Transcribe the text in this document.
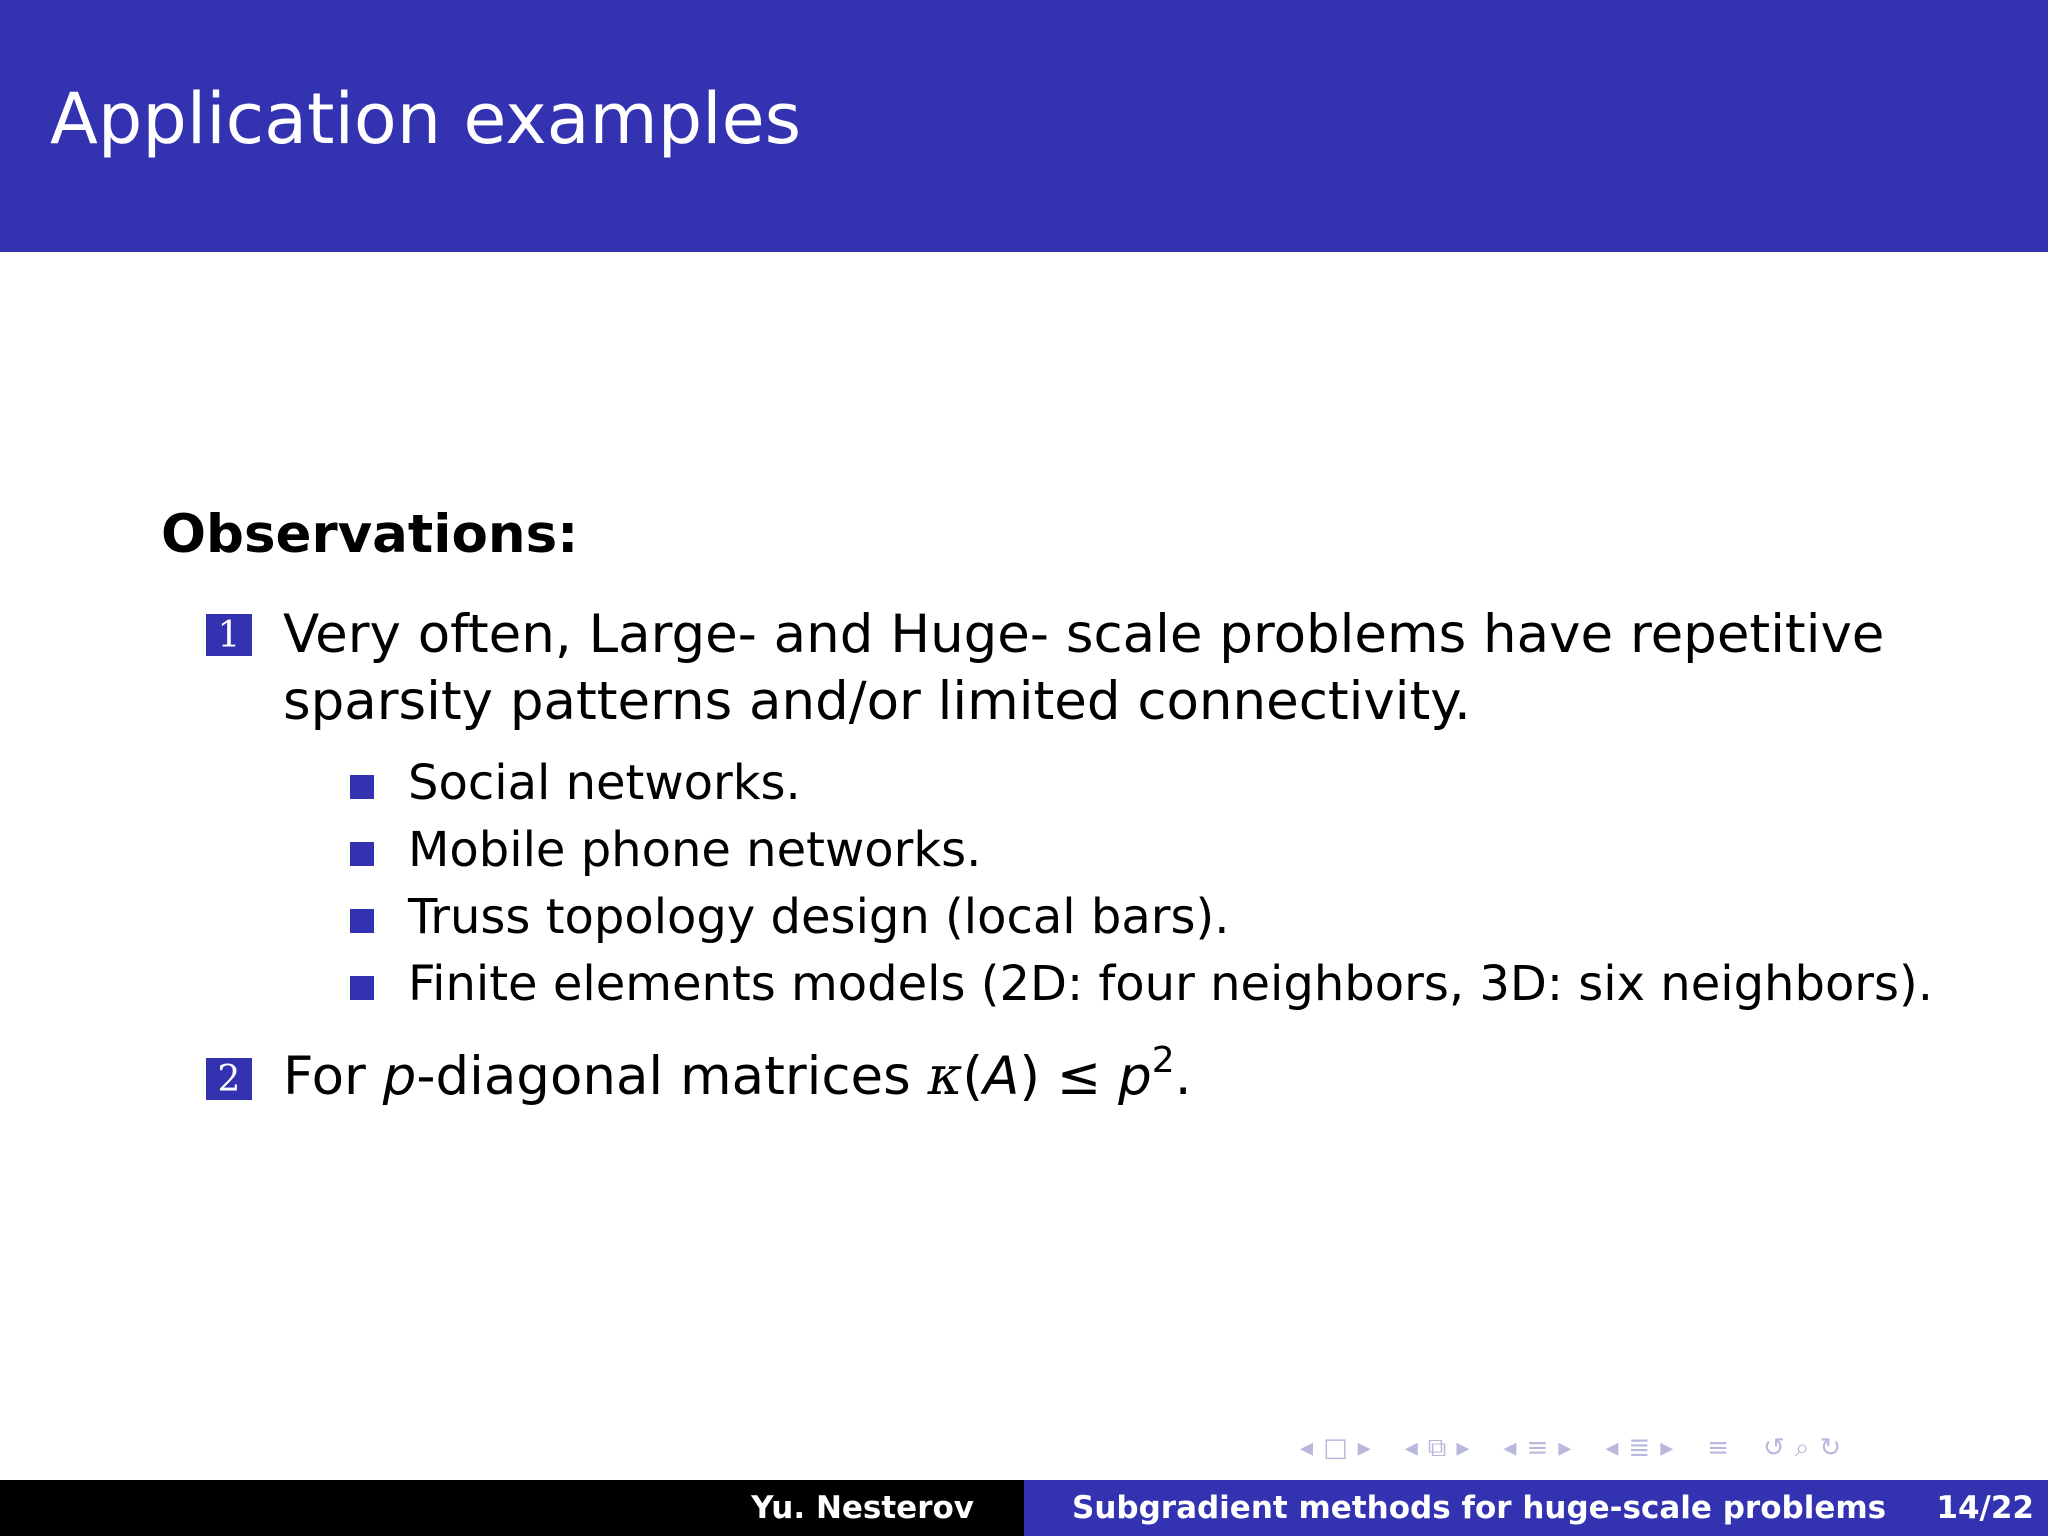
Application examples
Observations:
1 Very often, Large- and Huge- scale problems have repetitive
sparsity patterns and/or limited connectivity.
Social networks.
Mobile phone networks.
Truss topology design (local bars).
Finite elements models (2D: four neighbors, 3D: six neighbors).
2 For p-diagonal matrices $\kappa(A) \le p^2$.
◂ □ ▸ ◂ ⧉ ▸ ◂ ≡ ▸ ◂ ≣ ▸ ≡ ↺ ⌕ ↻
Yu. Nesterov	Subgradient methods for huge-scale problems 14/22
